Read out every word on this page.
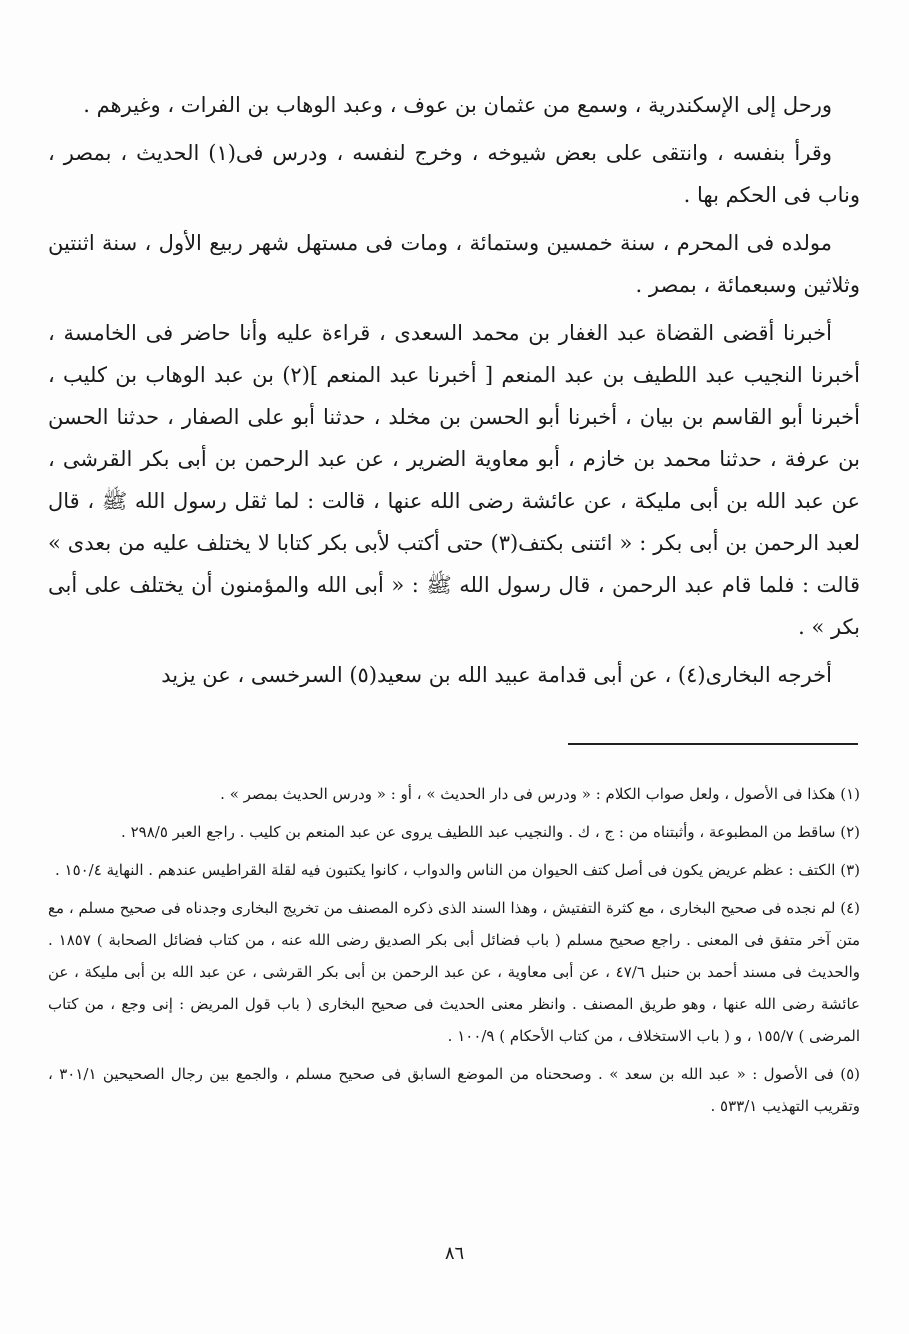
ورحل إلى الإسكندرية ، وسمع من عثمان بن عوف ، وعبد الوهاب بن الفرات ، وغيرهم .

وقرأ بنفسه ، وانتقى على بعض شيوخه ، وخرج لنفسه ، ودرس فى(١) الحديث ، بمصر ، وناب فى الحكم بها .

مولده فى المحرم ، سنة خمسين وستمائة ، ومات فى مستهل شهر ربيع الأول ، سنة اثنتين وثلاثين وسبعمائة ، بمصر .

أخبرنا أقضى القضاة عبد الغفار بن محمد السعدى ، قراءة عليه وأنا حاضر فى الخامسة ، أخبرنا النجيب عبد اللطيف بن عبد المنعم [ أخبرنا عبد المنعم ](٢) بن عبد الوهاب بن كليب ، أخبرنا أبو القاسم بن بيان ، أخبرنا أبو الحسن بن مخلد ، حدثنا أبو على الصفار ، حدثنا الحسن بن عرفة ، حدثنا محمد بن خازم ، أبو معاوية الضرير ، عن عبد الرحمن بن أبى بكر القرشى ، عن عبد الله بن أبى مليكة ، عن عائشة رضى الله عنها ، قالت : لما ثقل رسول الله ﷺ ، قال لعبد الرحمن بن أبى بكر : « ائتنى بكتف(٣) حتى أكتب لأبى بكر كتابا لا يختلف عليه من بعدى » قالت : فلما قام عبد الرحمن ، قال رسول الله ﷺ : « أبى الله والمؤمنون أن يختلف على أبى بكر » .

أخرجه البخارى(٤) ، عن أبى قدامة عبيد الله بن سعيد(٥) السرخسى ، عن يزيد

(١) هكذا فى الأصول ، ولعل صواب الكلام : « ودرس فى دار الحديث » ، أو : « ودرس الحديث بمصر » .

(٢) ساقط من المطبوعة ، وأثبتناه من : ج ، ك . والنجيب عبد اللطيف يروى عن عبد المنعم بن كليب . راجع العبر ٢٩٨/٥ .

(٣) الكتف : عظم عريض يكون فى أصل كتف الحيوان من الناس والدواب ، كانوا يكتبون فيه لقلة القراطيس عندهم . النهاية ١٥٠/٤ .

(٤) لم نجده فى صحيح البخارى ، مع كثرة التفتيش ، وهذا السند الذى ذكره المصنف من تخريج البخارى وجدناه فى صحيح مسلم ، مع متن آخر متفق فى المعنى . راجع صحيح مسلم ( باب فضائل أبى بكر الصديق رضى الله عنه ، من كتاب فضائل الصحابة ) ١٨٥٧ . والحديث فى مسند أحمد بن حنبل ٤٧/٦ ، عن أبى معاوية ، عن عبد الرحمن بن أبى بكر القرشى ، عن عبد الله بن أبى مليكة ، عن عائشة رضى الله عنها ، وهو طريق المصنف . وانظر معنى الحديث فى صحيح البخارى ( باب قول المريض : إنى وجع ، من كتاب المرضى ) ١٥٥/٧ ، و ( باب الاستخلاف ، من كتاب الأحكام ) ١٠٠/٩ .

(٥) فى الأصول : « عبد الله بن سعد » . وصححناه من الموضع السابق فى صحيح مسلم ، والجمع بين رجال الصحيحين ٣٠١/١ ، وتقريب التهذيب ٥٣٣/١ .

٨٦
